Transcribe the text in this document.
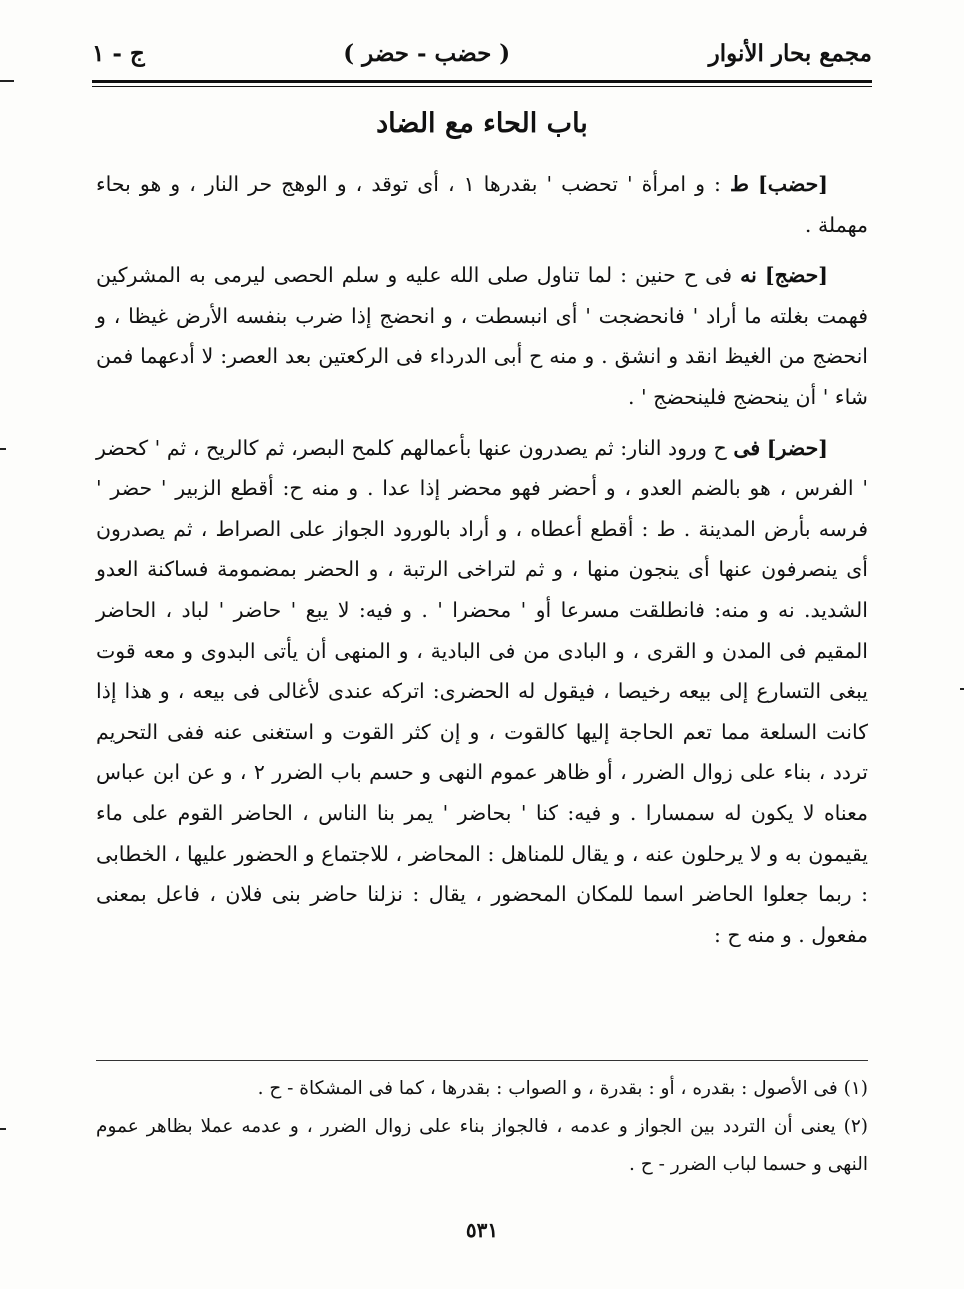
مجمع بحار الأنوار
( حضب - حضر )
ج - ١
باب الحاء مع الضاد

[حضب] ط : و امرأة ' تحضب ' بقدرها ١ ، أى توقد ، و الوهج حر النار ، و هو بحاء مهملة .

[حضج] نه فى ح حنين : لما تناول صلى الله عليه و سلم الحصى ليرمى به المشركين فهمت بغلته ما أراد ' فانحضجت ' أى انبسطت ، و انحضج إذا ضرب بنفسه الأرض غيظا ، و انحضج من الغيظ انقد و انشق . و منه ح أبى الدرداء فى الركعتين بعد العصر: لا أدعهما فمن شاء ' أن ينحضج فلينحضج ' .

[حضر] فى ح ورود النار: ثم يصدرون عنها بأعمالهم كلمح البصر، ثم كالريح ، ثم ' كحضر ' الفرس ، هو بالضم العدو ، و أحضر فهو محضر إذا عدا . و منه ح: أقطع الزبير ' حضر ' فرسه بأرض المدينة . ط : أقطع أعطاه ، و أراد بالورود الجواز على الصراط ، ثم يصدرون أى ينصرفون عنها أى ينجون منها ، و ثم لتراخى الرتبة ، و الحضر بمضمومة فساكنة العدو الشديد. نه و منه: فانطلقت مسرعا أو ' محضرا ' . و فيه: لا يبع ' حاضر ' لباد ، الحاضر المقيم فى المدن و القرى ، و البادى من فى البادية ، و المنهى أن يأتى البدوى و معه قوت يبغى التسارع إلى بيعه رخيصا ، فيقول له الحضرى: اتركه عندى لأغالى فى بيعه ، و هذا إذا كانت السلعة مما تعم الحاجة إليها كالقوت ، و إن كثر القوت و استغنى عنه ففى التحريم تردد ، بناء على زوال الضرر ، أو ظاهر عموم النهى و حسم باب الضرر ٢ ، و عن ابن عباس معناه لا يكون له سمسارا . و فيه: كنا ' بحاضر ' يمر بنا الناس ، الحاضر القوم على ماء يقيمون به و لا يرحلون عنه ، و يقال للمناهل : المحاضر ، للاجتماع و الحضور عليها ، الخطابى : ربما جعلوا الحاضر اسما للمكان المحضور ، يقال : نزلنا حاضر بنى فلان ، فاعل بمعنى مفعول . و منه ح :

(١) فى الأصول : بقدره ، أو : بقدرة ، و الصواب : بقدرها ، كما فى المشكاة - ح .

(٢) يعنى أن التردد بين الجواز و عدمه ، فالجواز بناء على زوال الضرر ، و عدمه عملا بظاهر عموم النهى و حسما لباب الضرر - ح .

٥٣١
